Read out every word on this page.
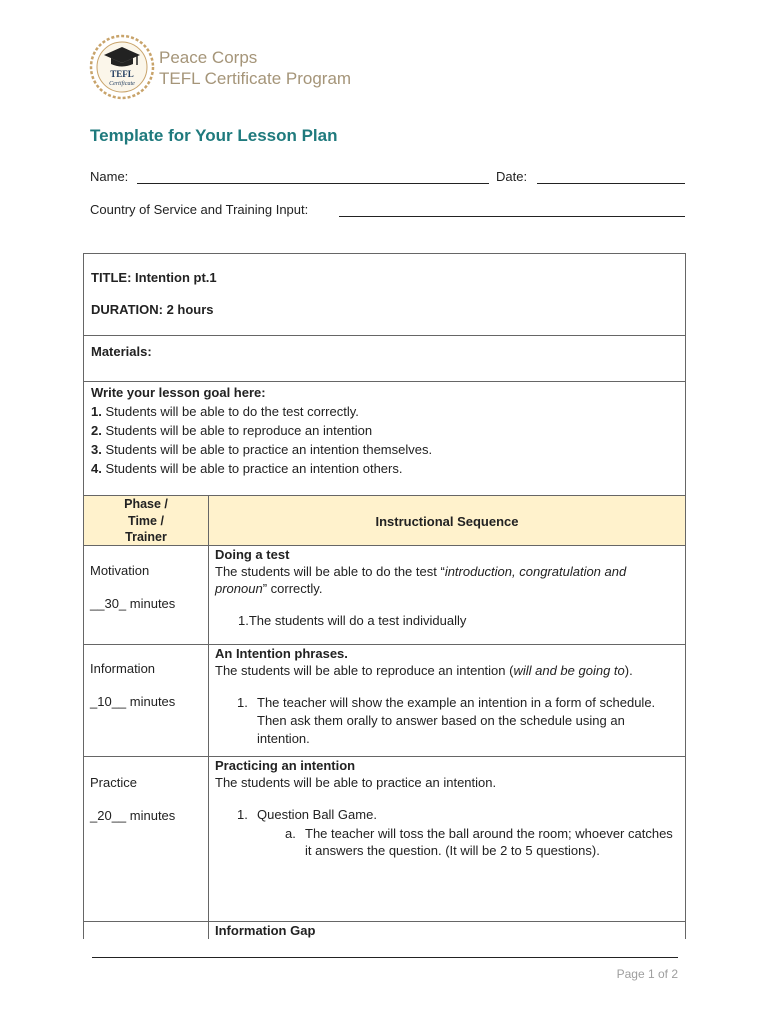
TEFL
Certificate
Peace Corps
TEFL Certificate Program
Template for Your Lesson Plan
Name:	Date:
Country of Service and Training Input:
TITLE: Intention pt.1
DURATION: 2 hours
Materials:
Write your lesson goal here:
1. Students will be able to do the test correctly.
2. Students will be able to reproduce an intention
3. Students will be able to practice an intention themselves.
4. Students will be able to practice an intention others.
Phase /
Time /
Trainer
Instructional Sequence
Motivation
__30_ minutes
Doing a test
The students will be able to do the test “introduction, congratulation and pronoun” correctly.
1.The students will do a test individually
Information
_10__ minutes
An Intention phrases.
The students will be able to reproduce an intention (will and be going to).
1. The teacher will show the example an intention in a form of schedule. Then ask them orally to answer based on the schedule using an intention.
Practice
_20__ minutes
Practicing an intention
The students will be able to practice an intention.
1. Question Ball Game.
a. The teacher will toss the ball around the room; whoever catches it answers the question. (It will be 2 to 5 questions).
Information Gap
Page 1 of 2
